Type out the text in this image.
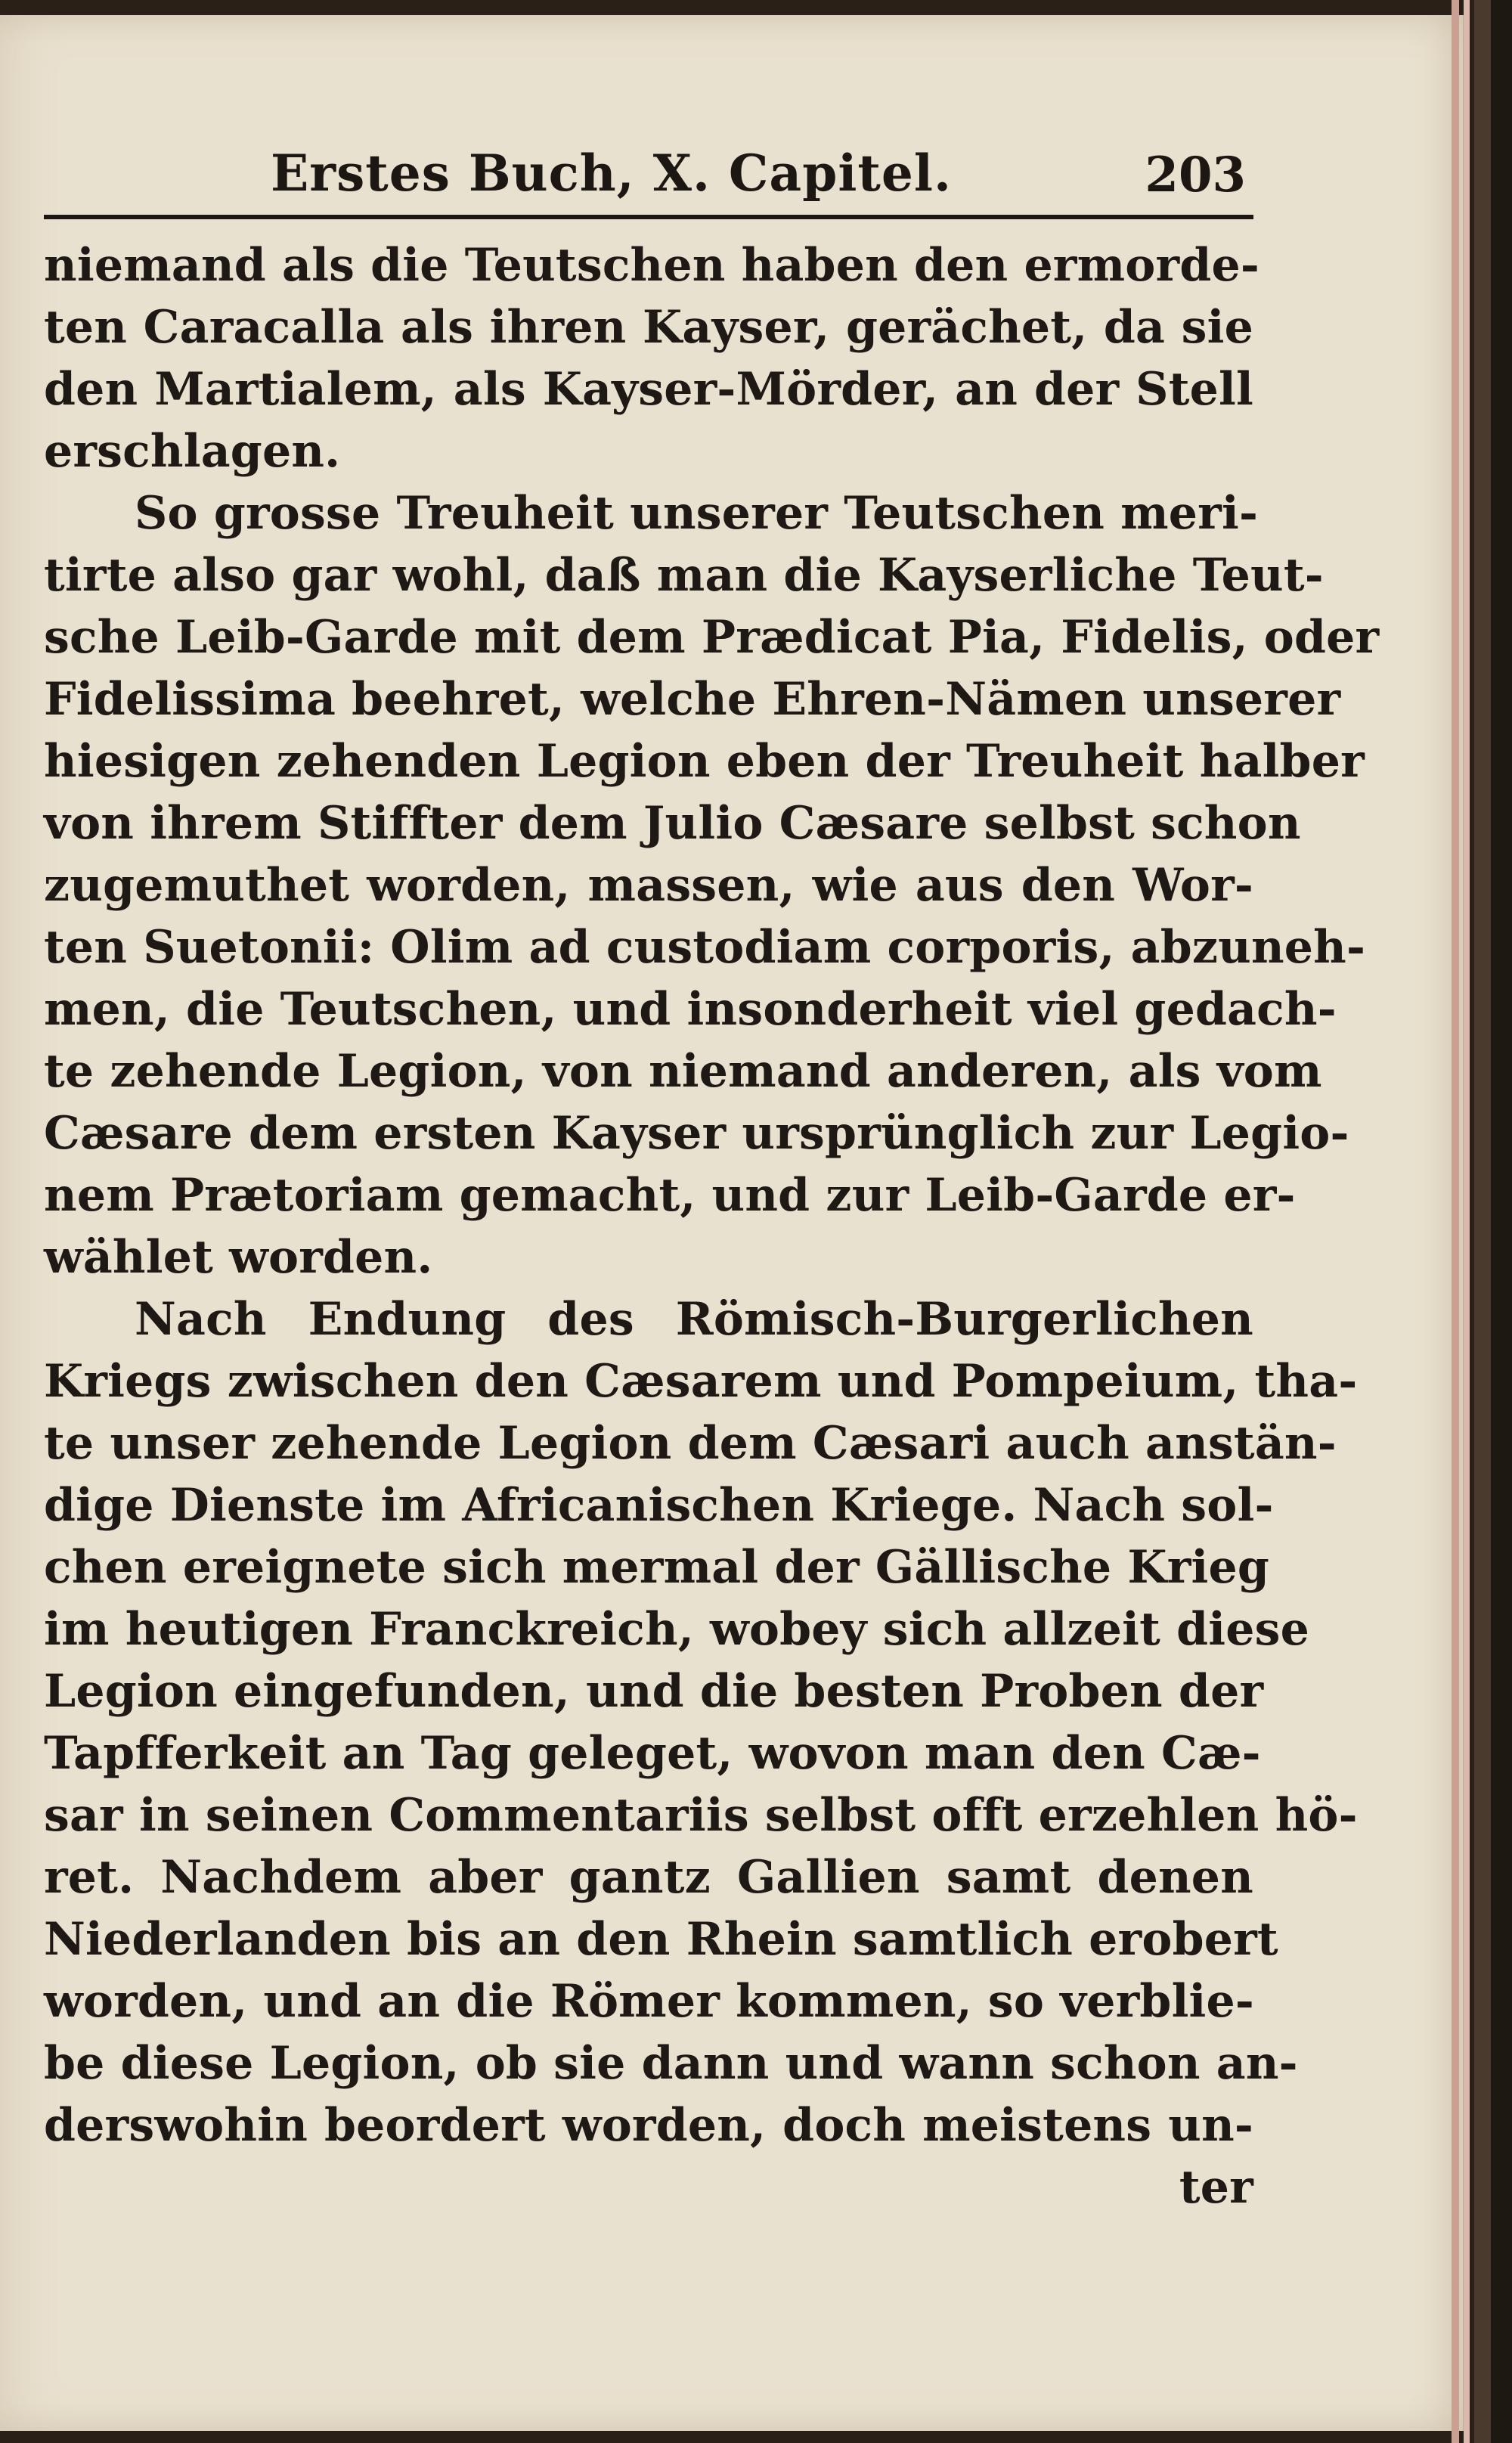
Erstes Buch, X. Capitel.	203
niemand als die Teutschen haben den ermorde-
ten Caracalla als ihren Kayser, gerächet, da sie
den Martialem, als Kayser-Mörder, an der Stell
erschlagen.
So grosse Treuheit unserer Teutschen meri-
tirte also gar wohl, daß man die Kayserliche Teut-
sche Leib-Garde mit dem Prædicat Pia, Fidelis, oder
Fidelissima beehret, welche Ehren-Nämen unserer
hiesigen zehenden Legion eben der Treuheit halber
von ihrem Stiffter dem Julio Cæsare selbst schon
zugemuthet worden, massen, wie aus den Wor-
ten Suetonii: Olim ad custodiam corporis, abzuneh-
men, die Teutschen, und insonderheit viel gedach-
te zehende Legion, von niemand anderen, als vom
Cæsare dem ersten Kayser ursprünglich zur Legio-
nem Prætoriam gemacht, und zur Leib-Garde er-
wählet worden.
Nach Endung des Römisch-Burgerlichen
Kriegs zwischen den Cæsarem und Pompeium, tha-
te unser zehende Legion dem Cæsari auch anstän-
dige Dienste im Africanischen Kriege. Nach sol-
chen ereignete sich mermal der Gällische Krieg
im heutigen Franckreich, wobey sich allzeit diese
Legion eingefunden, und die besten Proben der
Tapfferkeit an Tag geleget, wovon man den Cæ-
sar in seinen Commentariis selbst offt erzehlen hö-
ret. Nachdem aber gantz Gallien samt denen
Niederlanden bis an den Rhein samtlich erobert
worden, und an die Römer kommen, so verblie-
be diese Legion, ob sie dann und wann schon an-
derswohin beordert worden, doch meistens un-
ter
